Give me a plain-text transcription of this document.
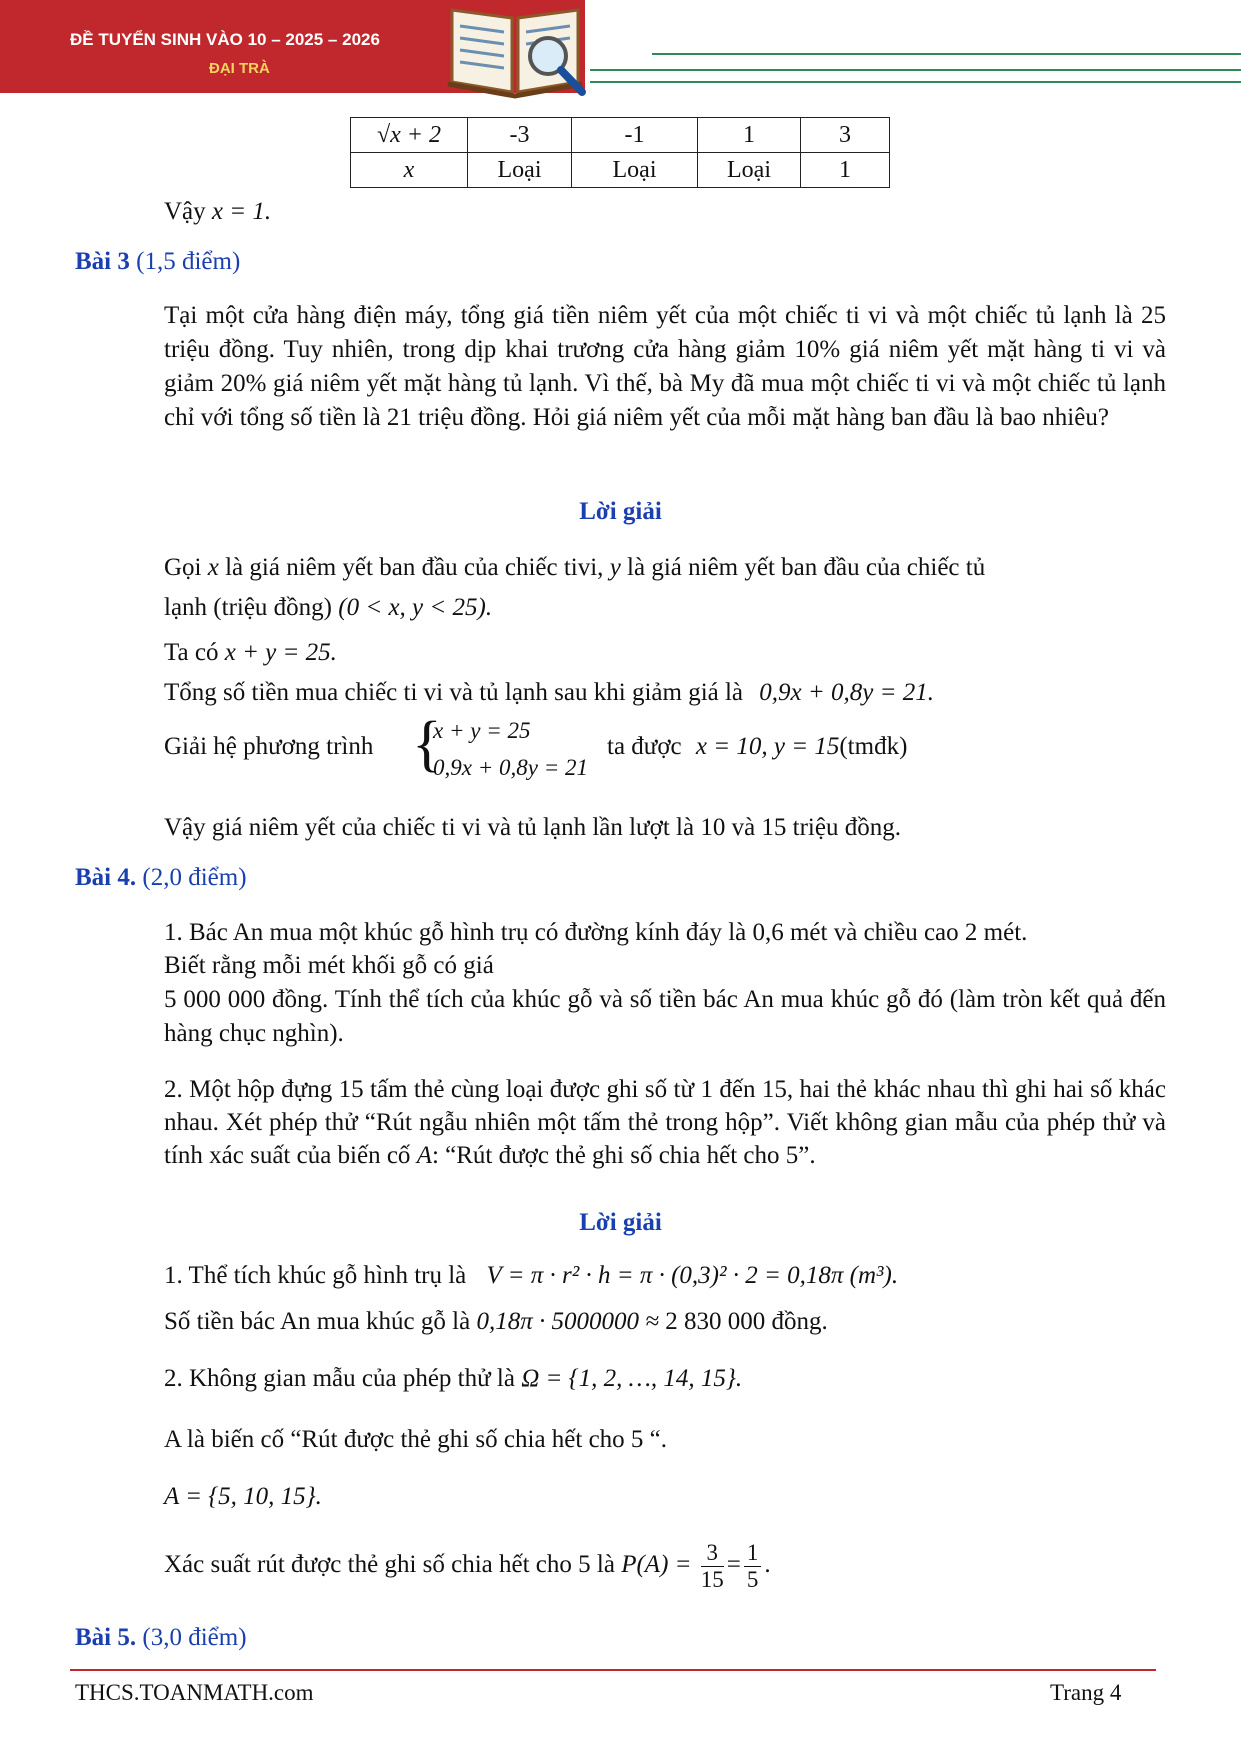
ĐỀ TUYỂN SINH VÀO 10 – 2025 – 2026
ĐẠI TRÀ
√x + 2	-3	-1	1	3
x	Loại	Loại	Loại	1
Vậy x = 1.
Bài 3 (1,5 điểm)
Tại một cửa hàng điện máy, tổng giá tiền niêm yết của một chiếc ti vi và một chiếc tủ lạnh là 25 triệu đồng. Tuy nhiên, trong dịp khai trương cửa hàng giảm 10% giá niêm yết mặt hàng ti vi và giảm 20% giá niêm yết mặt hàng tủ lạnh. Vì thế, bà My đã mua một chiếc ti vi và một chiếc tủ lạnh chỉ với tổng số tiền là 21 triệu đồng. Hỏi giá niêm yết của mỗi mặt hàng ban đầu là bao nhiêu?
Lời giải
Gọi x là giá niêm yết ban đầu của chiếc tivi, y là giá niêm yết ban đầu của chiếc tủ
lạnh (triệu đồng) (0 < x, y < 25).
Ta có x + y = 25.
Tổng số tiền mua chiếc ti vi và tủ lạnh sau khi giảm giá là 0,9x + 0,8y = 21.
Giải hệ phương trình {
x + y = 25
0,9x + 0,8y = 21
ta được x = 10, y = 15(tmđk)
Vậy giá niêm yết của chiếc ti vi và tủ lạnh lần lượt là 10 và 15 triệu đồng.
Bài 4. (2,0 điểm)
1. Bác An mua một khúc gỗ hình trụ có đường kính đáy là 0,6 mét và chiều cao 2 mét.
Biết rằng mỗi mét khối gỗ có giá
5 000 000 đồng. Tính thể tích của khúc gỗ và số tiền bác An mua khúc gỗ đó (làm tròn kết quả đến hàng chục nghìn).
2. Một hộp đựng 15 tấm thẻ cùng loại được ghi số từ 1 đến 15, hai thẻ khác nhau thì ghi hai số khác nhau. Xét phép thử “Rút ngẫu nhiên một tấm thẻ trong hộp”. Viết không gian mẫu của phép thử và tính xác suất của biến cố A: “Rút được thẻ ghi số chia hết cho 5”.
Lời giải
1. Thể tích khúc gỗ hình trụ là V = π · r² · h = π · (0,3)² · 2 = 0,18π (m³).
Số tiền bác An mua khúc gỗ là 0,18π · 5000000 ≈ 2 830 000 đồng.
2. Không gian mẫu của phép thử là Ω = {1, 2, …, 14, 15}.
A là biến cố “Rút được thẻ ghi số chia hết cho 5 “.
A = {5, 10, 15}.
Xác suất rút được thẻ ghi số chia hết cho 5 là $P(A) = \frac{3}{15} = \frac{1}{5}$ .
Bài 5. (3,0 điểm)
THCS.TOANMATH.com	Trang 4
